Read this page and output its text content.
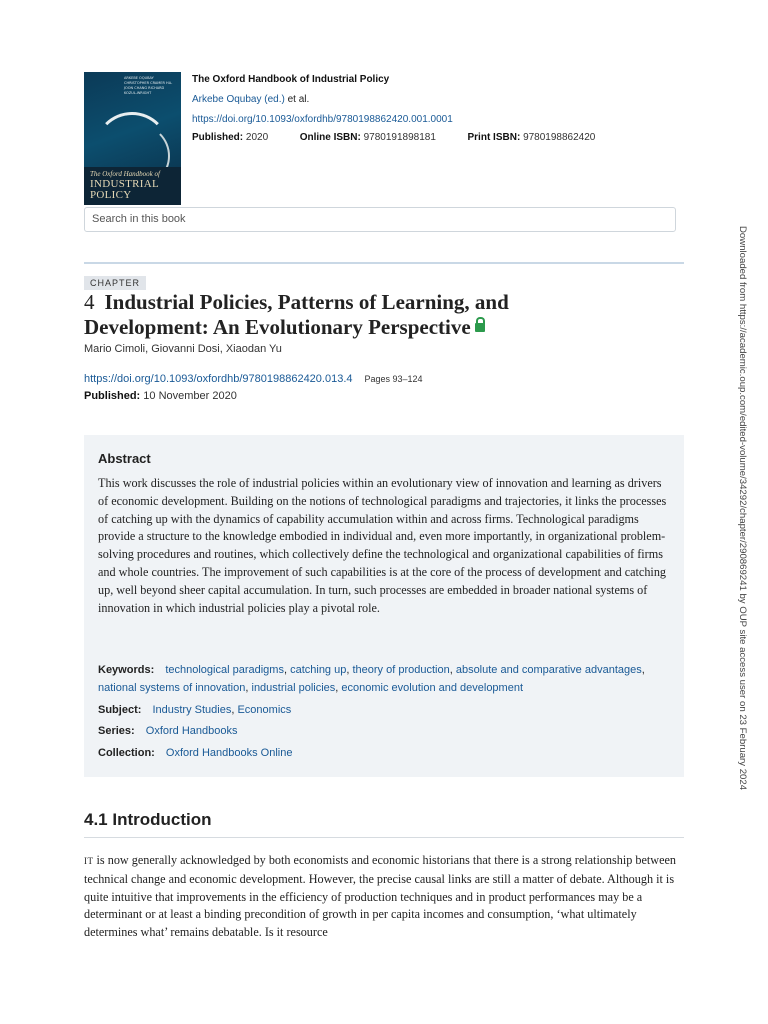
ARKEBE OQUBAY CHRISTOPHER CRAMER HA-JOON CHANG RICHARD KOZUL-WRIGHT
The Oxford Handbook of
INDUSTRIAL
POLICY
The Oxford Handbook of Industrial Policy
Arkebe Oqubay (ed.) et al.
https://doi.org/10.1093/oxfordhb/9780198862420.001.0001
Published: 2020	Online ISBN: 9780191898181	Print ISBN: 9780198862420
Search in this book
CHAPTER
4 Industrial Policies, Patterns of Learning, and
Development: An Evolutionary Perspective
Mario Cimoli, Giovanni Dosi, Xiaodan Yu
https://doi.org/10.1093/oxfordhb/9780198862420.013.4 Pages 93–124
Published: 10 November 2020
Abstract

This work discusses the role of industrial policies within an evolutionary view of innovation and learning as drivers of economic development. Building on the notions of technological paradigms and trajectories, it links the processes of catching up with the dynamics of capability accumulation within and across firms. Technological paradigms provide a structure to the knowledge embodied in individual and, even more importantly, in organizational problem-solving procedures and routines, which collectively define the technological and organizational capabilities of firms and whole countries. The improvement of such capabilities is at the core of the process of development and catching up, well beyond sheer capital accumulation. In turn, such processes are embedded in broader national systems of innovation in which industrial policies play a pivotal role.

Keywords: technological paradigms, catching up, theory of production, absolute and comparative advantages, national systems of innovation, industrial policies, economic evolution and development
Subject: Industry Studies, Economics
Series: Oxford Handbooks
Collection: Oxford Handbooks Online
4.1 Introduction

IT is now generally acknowledged by both economists and economic historians that there is a strong relationship between technical change and economic development. However, the precise causal links are still a matter of debate. Although it is quite intuitive that improvements in the efficiency of production techniques and in product performances may be a determinant or at least a binding precondition of growth in per capita incomes and consumption, ‘what ultimately determines what’ remains debatable. Is it resource

Downloaded from https://academic.oup.com/edited-volume/34292/chapter/290869241 by OUP site access user on 23 February 2024
